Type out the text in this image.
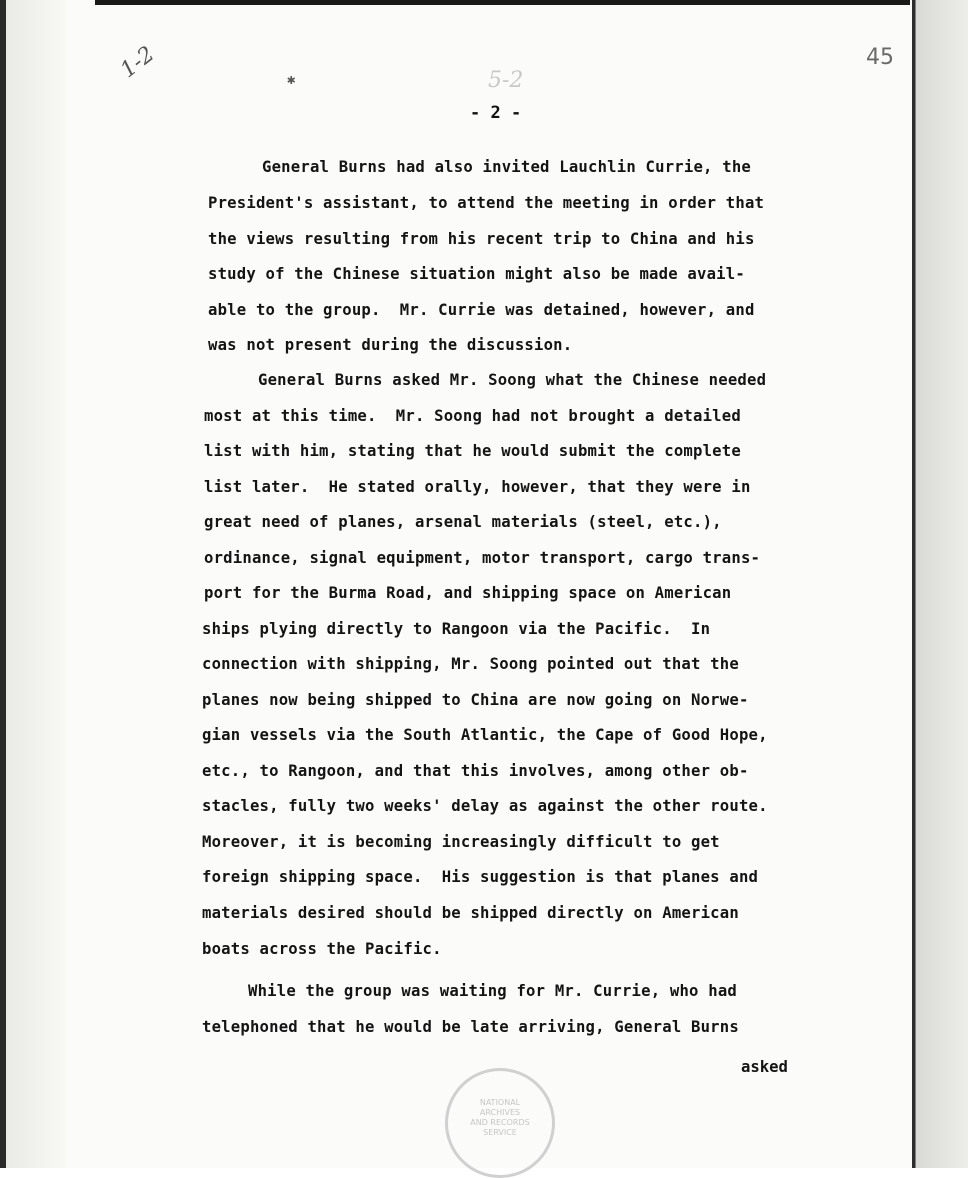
1-2	45
✱	5-2
- 2 -
General Burns had also invited Lauchlin Currie, the
President's assistant, to attend the meeting in order that
the views resulting from his recent trip to China and his
study of the Chinese situation might also be made avail-
able to the group.  Mr. Currie was detained, however, and
was not present during the discussion.
General Burns asked Mr. Soong what the Chinese needed
most at this time.  Mr. Soong had not brought a detailed
list with him, stating that he would submit the complete
list later.  He stated orally, however, that they were in
great need of planes, arsenal materials (steel, etc.),
ordinance, signal equipment, motor transport, cargo trans-
port for the Burma Road, and shipping space on American
ships plying directly to Rangoon via the Pacific.  In
connection with shipping, Mr. Soong pointed out that the
planes now being shipped to China are now going on Norwe-
gian vessels via the South Atlantic, the Cape of Good Hope,
etc., to Rangoon, and that this involves, among other ob-
stacles, fully two weeks' delay as against the other route.
Moreover, it is becoming increasingly difficult to get
foreign shipping space.  His suggestion is that planes and
materials desired should be shipped directly on American
boats across the Pacific.
While the group was waiting for Mr. Currie, who had
telephoned that he would be late arriving, General Burns
asked
NATIONAL ARCHIVES AND RECORDS SERVICE
